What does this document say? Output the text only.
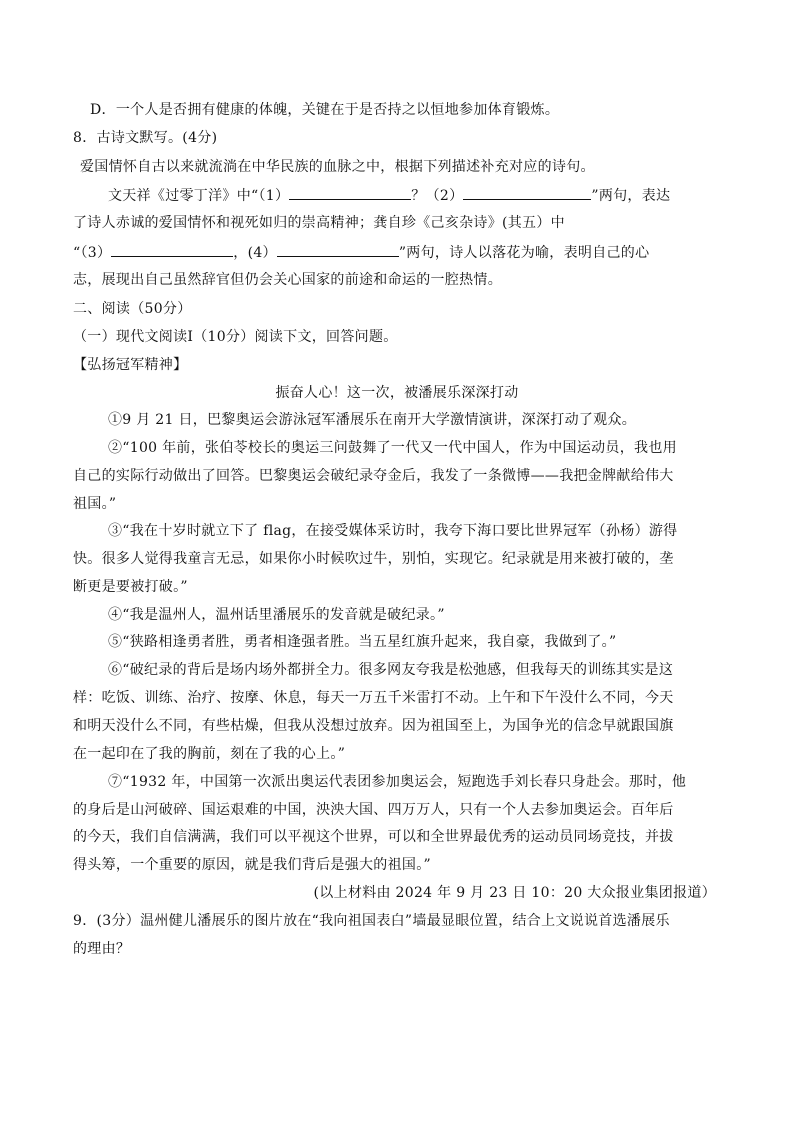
D．一个人是否拥有健康的体魄，关键在于是否持之以恒地参加体育锻炼。
8．古诗文默写。(4分)
爱国情怀自古以来就流淌在中华民族的血脉之中，根据下列描述补充对应的诗句。
文天祥《过零丁洋》中“（1）	？（2）	”两句，表达
了诗人赤诚的爱国情怀和视死如归的崇高精神；龚自珍《己亥杂诗》(其五）中
“（3）	，(4）	”两句，诗人以落花为喻，表明自己的心
志，展现出自己虽然辞官但仍会关心国家的前途和命运的一腔热情。
二、阅读（50分）
（一）现代文阅读Ⅰ（10分）阅读下文，回答问题。
【弘扬冠军精神】
振奋人心！这一次，被潘展乐深深打动
①9 月 21 日，巴黎奥运会游泳冠军潘展乐在南开大学激情演讲，深深打动了观众。
②“100 年前，张伯苓校长的奥运三问鼓舞了一代又一代中国人，作为中国运动员，我也用
自己的实际行动做出了回答。巴黎奥运会破纪录夺金后，我发了一条微博——我把金牌献给伟大
祖国。”
③“我在十岁时就立下了 flag，在接受媒体采访时，我夸下海口要比世界冠军（孙杨）游得
快。很多人觉得我童言无忌，如果你小时候吹过牛，别怕，实现它。纪录就是用来被打破的，垄
断更是要被打破。”
④“我是温州人，温州话里潘展乐的发音就是破纪录。”
⑤“狭路相逢勇者胜，勇者相逢强者胜。当五星红旗升起来，我自豪，我做到了。”
⑥“破纪录的背后是场内场外都拼全力。很多网友夸我是松弛感，但我每天的训练其实是这
样：吃饭、训练、治疗、按摩、休息，每天一万五千米雷打不动。上午和下午没什么不同，今天
和明天没什么不同，有些枯燥，但我从没想过放弃。因为祖国至上，为国争光的信念早就跟国旗
在一起印在了我的胸前，刻在了我的心上。”
⑦“1932 年，中国第一次派出奥运代表团参加奥运会，短跑选手刘长春只身赴会。那时，他
的身后是山河破碎、国运艰难的中国，泱泱大国、四万万人，只有一个人去参加奥运会。百年后
的今天，我们自信满满，我们可以平视这个世界，可以和全世界最优秀的运动员同场竞技，并拔
得头筹，一个重要的原因，就是我们背后是强大的祖国。”
(以上材料由 2024 年 9 月 23 日 10：20 大众报业集团报道）
9．(3分）温州健儿潘展乐的图片放在“我向祖国表白”墙最显眼位置，结合上文说说首选潘展乐
的理由？
